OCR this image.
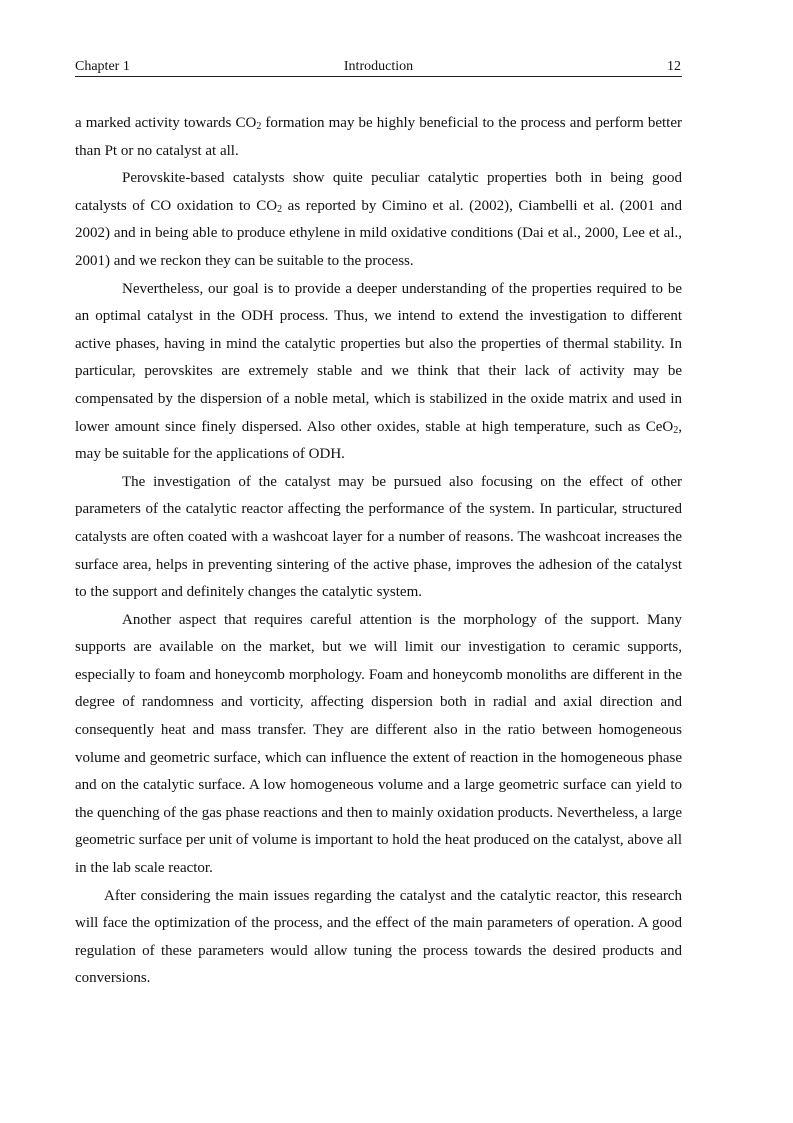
Chapter 1	Introduction	12

a marked activity towards $CO_2$ formation may be highly beneficial to the process and perform better than Pt or no catalyst at all.

Perovskite-based catalysts show quite peculiar catalytic properties both in being good catalysts of CO oxidation to $CO_2$ as reported by Cimino et al. (2002), Ciambelli et al. (2001 and 2002) and in being able to produce ethylene in mild oxidative conditions (Dai et al., 2000, Lee et al., 2001) and we reckon they can be suitable to the process.

Nevertheless, our goal is to provide a deeper understanding of the properties required to be an optimal catalyst in the ODH process. Thus, we intend to extend the investigation to different active phases, having in mind the catalytic properties but also the properties of thermal stability. In particular, perovskites are extremely stable and we think that their lack of activity may be compensated by the dispersion of a noble metal, which is stabilized in the oxide matrix and used in lower amount since finely dispersed. Also other oxides, stable at high temperature, such as CeO$_2$, may be suitable for the applications of ODH.

The investigation of the catalyst may be pursued also focusing on the effect of other parameters of the catalytic reactor affecting the performance of the system. In particular, structured catalysts are often coated with a washcoat layer for a number of reasons. The washcoat increases the surface area, helps in preventing sintering of the active phase, improves the adhesion of the catalyst to the support and definitely changes the catalytic system.

Another aspect that requires careful attention is the morphology of the support. Many supports are available on the market, but we will limit our investigation to ceramic supports, especially to foam and honeycomb morphology. Foam and honeycomb monoliths are different in the degree of randomness and vorticity, affecting dispersion both in radial and axial direction and consequently heat and mass transfer. They are different also in the ratio between homogeneous volume and geometric surface, which can influence the extent of reaction in the homogeneous phase and on the catalytic surface. A low homogeneous volume and a large geometric surface can yield to the quenching of the gas phase reactions and then to mainly oxidation products. Nevertheless, a large geometric surface per unit of volume is important to hold the heat produced on the catalyst, above all in the lab scale reactor.

After considering the main issues regarding the catalyst and the catalytic reactor, this research will face the optimization of the process, and the effect of the main parameters of operation. A good regulation of these parameters would allow tuning the process towards the desired products and conversions.
